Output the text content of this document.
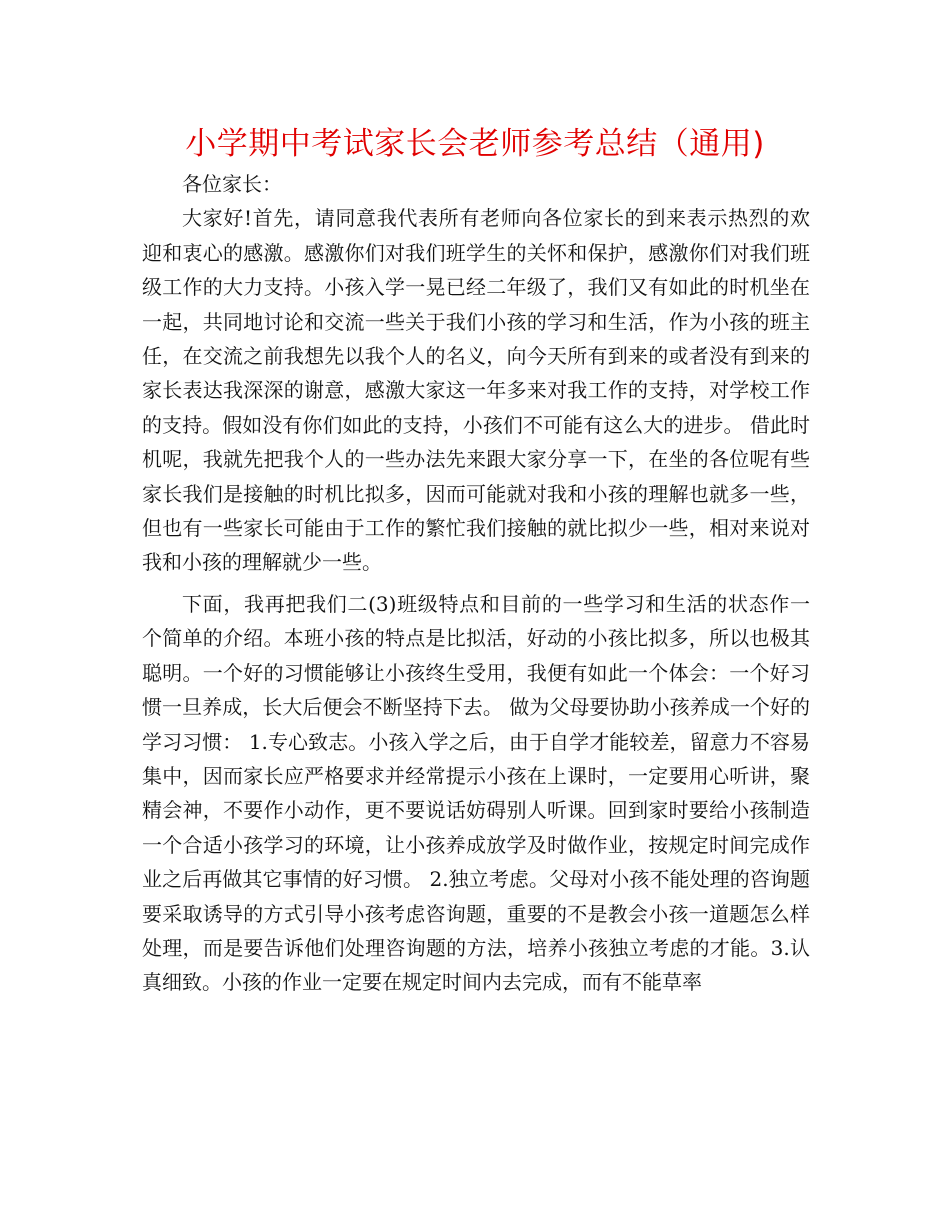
小学期中考试家长会老师参考总结（通用)

各位家长：

大家好!首先，请同意我代表所有老师向各位家长的到来表示热烈的欢迎和衷心的感激。感激你们对我们班学生的关怀和保护，感激你们对我们班级工作的大力支持。小孩入学一晃已经二年级了，我们又有如此的时机坐在一起，共同地讨论和交流一些关于我们小孩的学习和生活，作为小孩的班主任，在交流之前我想先以我个人的名义，向今天所有到来的或者没有到来的家长表达我深深的谢意，感激大家这一年多来对我工作的支持，对学校工作的支持。假如没有你们如此的支持，小孩们不可能有这么大的进步。 借此时机呢，我就先把我个人的一些办法先来跟大家分享一下，在坐的各位呢有些家长我们是接触的时机比拟多，因而可能就对我和小孩的理解也就多一些，但也有一些家长可能由于工作的繁忙我们接触的就比拟少一些，相对来说对我和小孩的理解就少一些。

下面，我再把我们二(3)班级特点和目前的一些学习和生活的状态作一个简单的介绍。本班小孩的特点是比拟活，好动的小孩比拟多，所以也极其聪明。一个好的习惯能够让小孩终生受用，我便有如此一个体会：一个好习惯一旦养成，长大后便会不断坚持下去。 做为父母要协助小孩养成一个好的学习习惯： 1.专心致志。小孩入学之后，由于自学才能较差，留意力不容易集中，因而家长应严格要求并经常提示小孩在上课时，一定要用心听讲，聚精会神，不要作小动作，更不要说话妨碍别人听课。回到家时要给小孩制造一个合适小孩学习的环境，让小孩养成放学及时做作业，按规定时间完成作业之后再做其它事情的好习惯。 2.独立考虑。父母对小孩不能处理的咨询题要采取诱导的方式引导小孩考虑咨询题，重要的不是教会小孩一道题怎么样处理，而是要告诉他们处理咨询题的方法，培养小孩独立考虑的才能。3.认真细致。小孩的作业一定要在规定时间内去完成，而有不能草率
